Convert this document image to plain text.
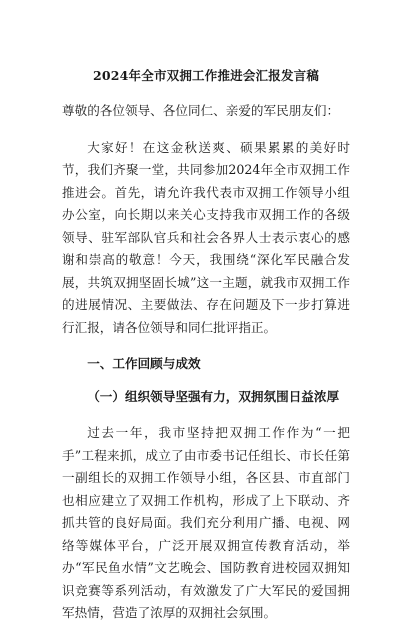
2024年全市双拥工作推进会汇报发言稿

尊敬的各位领导、各位同仁、亲爱的军民朋友们：

大家好！在这金秋送爽、硕果累累的美好时节，我们齐聚一堂，共同参加2024年全市双拥工作推进会。首先，请允许我代表市双拥工作领导小组办公室，向长期以来关心支持我市双拥工作的各级领导、驻军部队官兵和社会各界人士表示衷心的感谢和崇高的敬意！今天，我围绕“深化军民融合发展，共筑双拥坚固长城”这一主题，就我市双拥工作的进展情况、主要做法、存在问题及下一步打算进行汇报，请各位领导和同仁批评指正。

一、工作回顾与成效
（一）组织领导坚强有力，双拥氛围日益浓厚

过去一年，我市坚持把双拥工作作为“一把手”工程来抓，成立了由市委书记任组长、市长任第一副组长的双拥工作领导小组，各区县、市直部门也相应建立了双拥工作机构，形成了上下联动、齐抓共管的良好局面。我们充分利用广播、电视、网络等媒体平台，广泛开展双拥宣传教育活动，举办“军民鱼水情”文艺晚会、国防教育进校园双拥知识竞赛等系列活动，有效激发了广大军民的爱国拥军热情，营造了浓厚的双拥社会氛围。
